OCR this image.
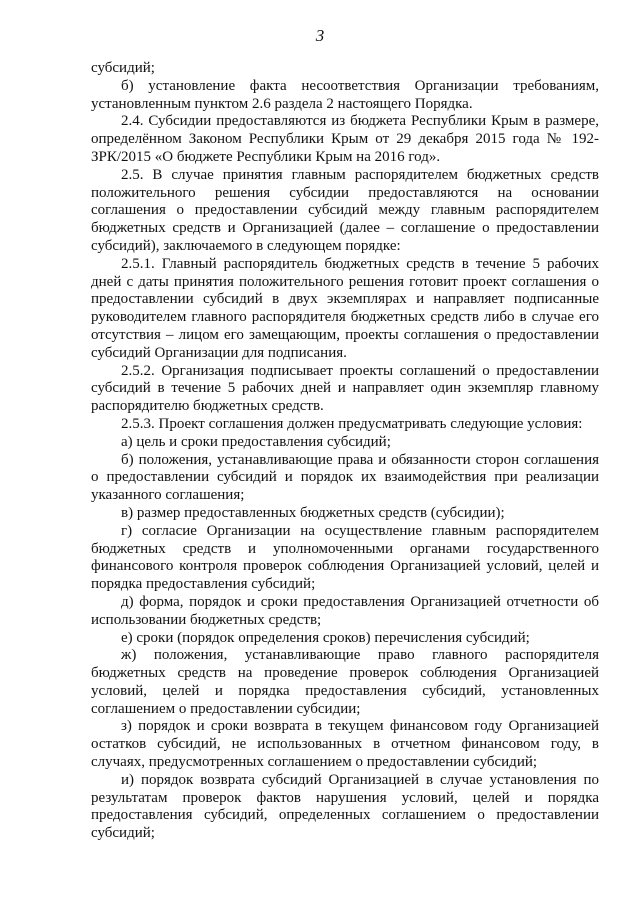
3

субсидий;

б) установление факта несоответствия Организации требованиям, установленным пунктом 2.6 раздела 2 настоящего Порядка.

2.4. Субсидии предоставляются из бюджета Республики Крым в размере, определённом Законом Республики Крым от 29 декабря 2015 года № 192-ЗРК/2015 «О бюджете Республики Крым на 2016 год».

2.5. В случае принятия главным распорядителем бюджетных средств положительного решения субсидии предоставляются на основании соглашения о предоставлении субсидий между главным распорядителем бюджетных средств и Организацией (далее – соглашение о предоставлении субсидий), заключаемого в следующем порядке:

2.5.1. Главный распорядитель бюджетных средств в течение 5 рабочих дней с даты принятия положительного решения готовит проект соглашения о предоставлении субсидий в двух экземплярах и направляет подписанные руководителем главного распорядителя бюджетных средств либо в случае его отсутствия – лицом его замещающим, проекты соглашения о предоставлении субсидий Организации для подписания.

2.5.2. Организация подписывает проекты соглашений о предоставлении субсидий в течение 5 рабочих дней и направляет один экземпляр главному распорядителю бюджетных средств.

2.5.3. Проект соглашения должен предусматривать следующие условия:

а) цель и сроки предоставления субсидий;

б) положения, устанавливающие права и обязанности сторон соглашения о предоставлении субсидий и порядок их взаимодействия при реализации указанного соглашения;

в) размер предоставленных бюджетных средств (субсидии);

г) согласие Организации на осуществление главным распорядителем бюджетных средств и уполномоченными органами государственного финансового контроля проверок соблюдения Организацией условий, целей и порядка предоставления субсидий;

д) форма, порядок и сроки предоставления Организацией отчетности об использовании бюджетных средств;

е) сроки (порядок определения сроков) перечисления субсидий;

ж) положения, устанавливающие право главного распорядителя бюджетных средств на проведение проверок соблюдения Организацией условий, целей и порядка предоставления субсидий, установленных соглашением о предоставлении субсидии;

з) порядок и сроки возврата в текущем финансовом году Организацией остатков субсидий, не использованных в отчетном финансовом году, в случаях, предусмотренных соглашением о предоставлении субсидий;

и) порядок возврата субсидий Организацией в случае установления по результатам проверок фактов нарушения условий, целей и порядка предоставления субсидий, определенных соглашением о предоставлении субсидий;
